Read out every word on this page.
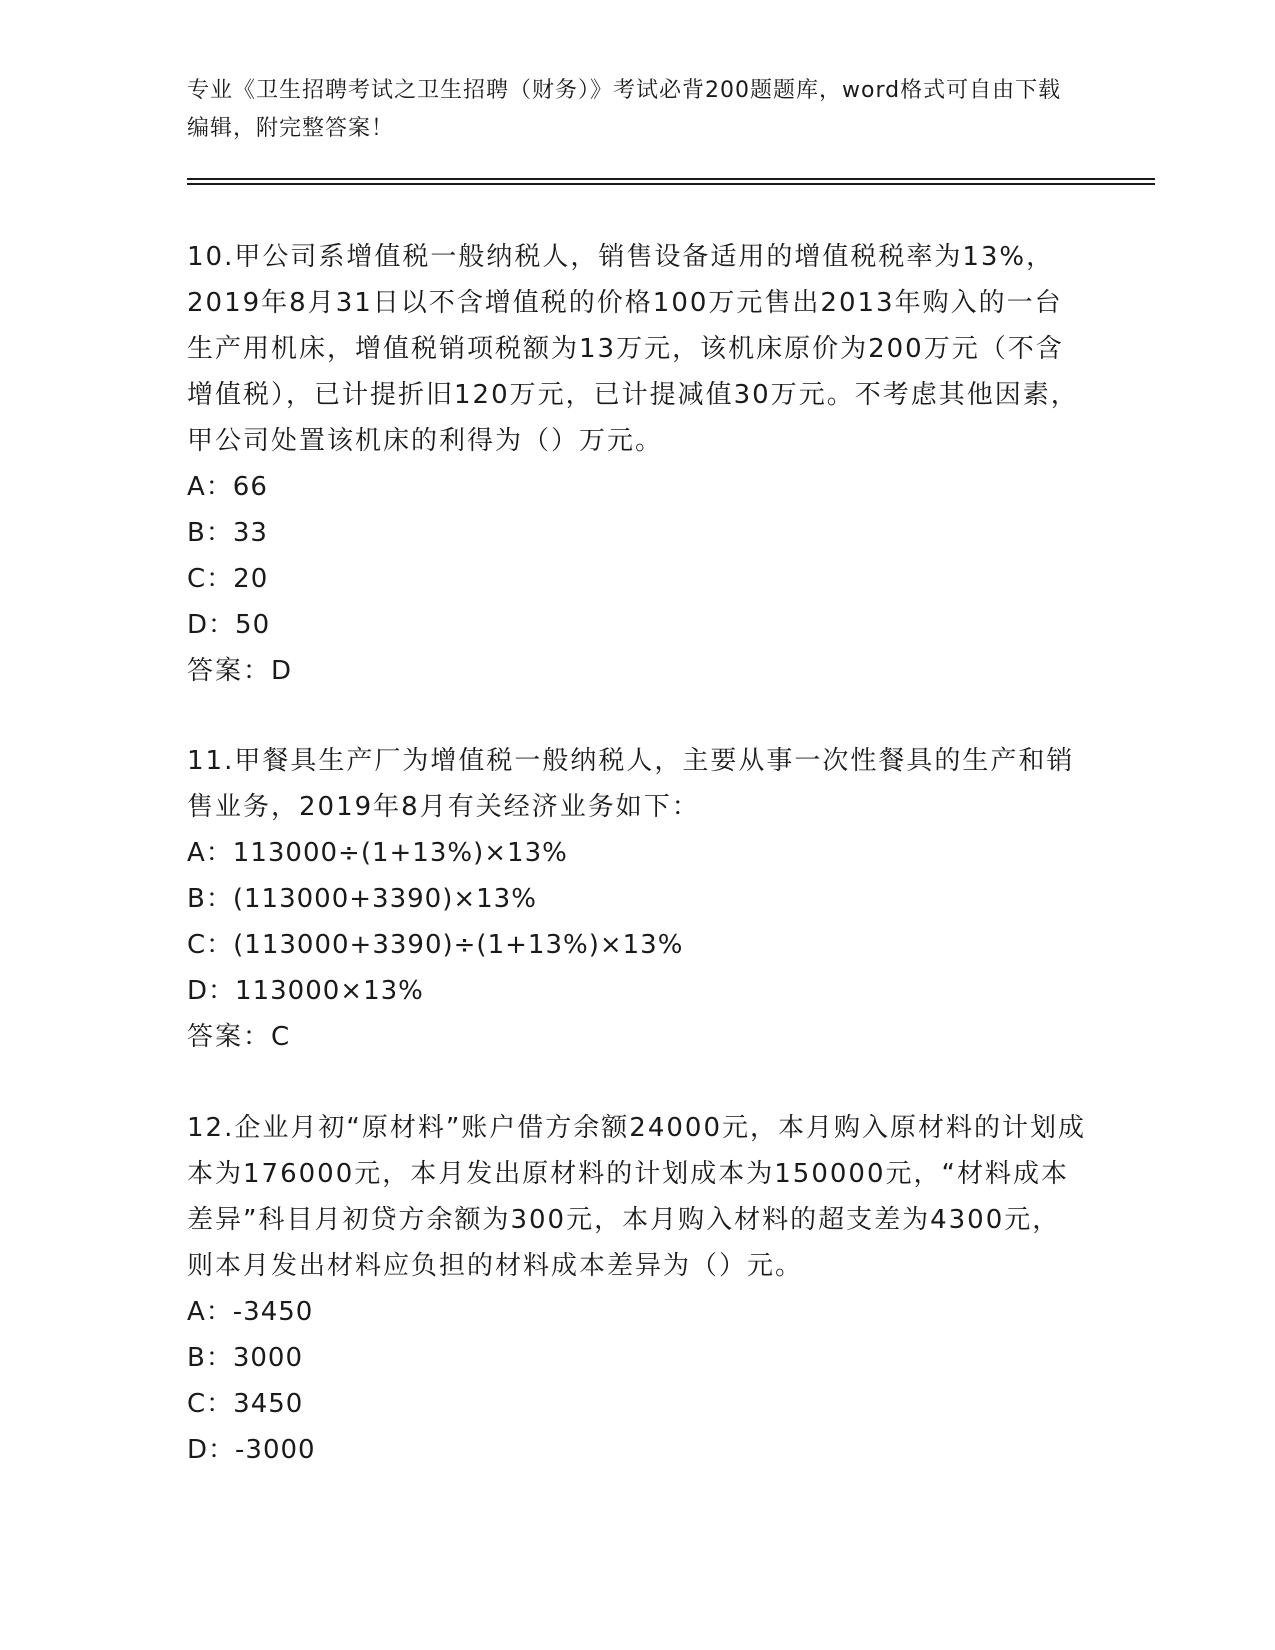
专业《卫生招聘考试之卫生招聘（财务）》考试必背200题题库，word格式可自由下载编辑，附完整答案！

10.甲公司系增值税一般纳税人，销售设备适用的增值税税率为13%，2019年8月31日以不含增值税的价格100万元售出2013年购入的一台生产用机床，增值税销项税额为13万元，该机床原价为200万元（不含增值税），已计提折旧120万元，已计提减值30万元。不考虑其他因素，甲公司处置该机床的利得为（）万元。

A：66

B：33

C：20

D：50

答案：D

11.甲餐具生产厂为增值税一般纳税人，主要从事一次性餐具的生产和销售业务，2019年8月有关经济业务如下：

A：113000÷(1+13%)×13%

B：(113000+3390)×13%

C：(113000+3390)÷(1+13%)×13%

D：113000×13%

答案：C

12.企业月初“原材料”账户借方余额24000元，本月购入原材料的计划成本为176000元，本月发出原材料的计划成本为150000元，“材料成本差异”科目月初贷方余额为300元，本月购入材料的超支差为4300元，则本月发出材料应负担的材料成本差异为（）元。

A：-3450

B：3000

C：3450

D：-3000
